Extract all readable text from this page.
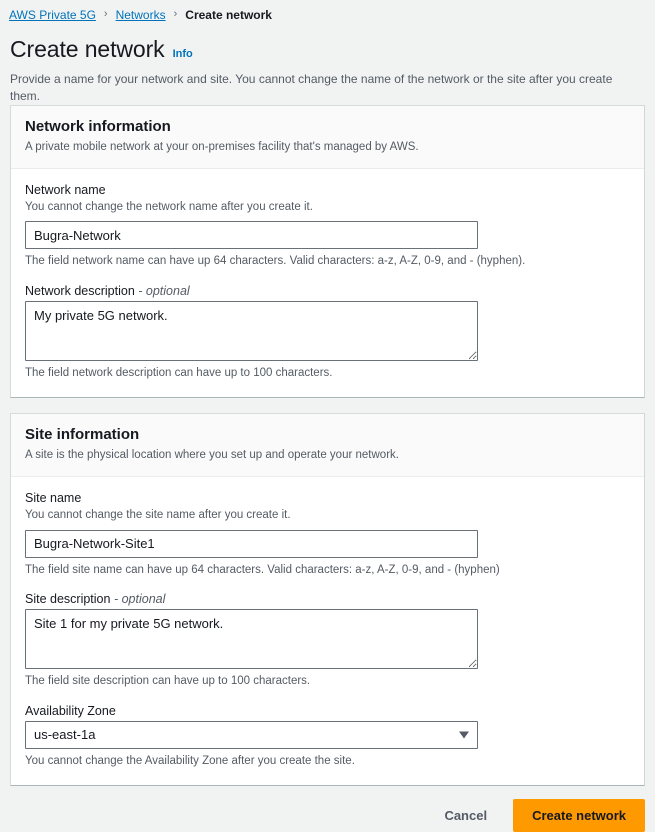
AWS Private 5G › Networks › Create network
Create network Info
Provide a name for your network and site. You cannot change the name of the network or the site after you create them.
Network information
A private mobile network at your on-premises facility that's managed by AWS.
Network name
You cannot change the network name after you create it.
Bugra-Network
The field network name can have up 64 characters. Valid characters: a-z, A-Z, 0-9, and - (hyphen).
Network description - optional
My private 5G network.
The field network description can have up to 100 characters.
Site information
A site is the physical location where you set up and operate your network.
Site name
You cannot change the site name after you create it.
Bugra-Network-Site1
The field site name can have up 64 characters. Valid characters: a-z, A-Z, 0-9, and - (hyphen)
Site description - optional
Site 1 for my private 5G network.
The field site description can have up to 100 characters.
Availability Zone
us-east-1a
You cannot change the Availability Zone after you create the site.
Cancel	Create network
